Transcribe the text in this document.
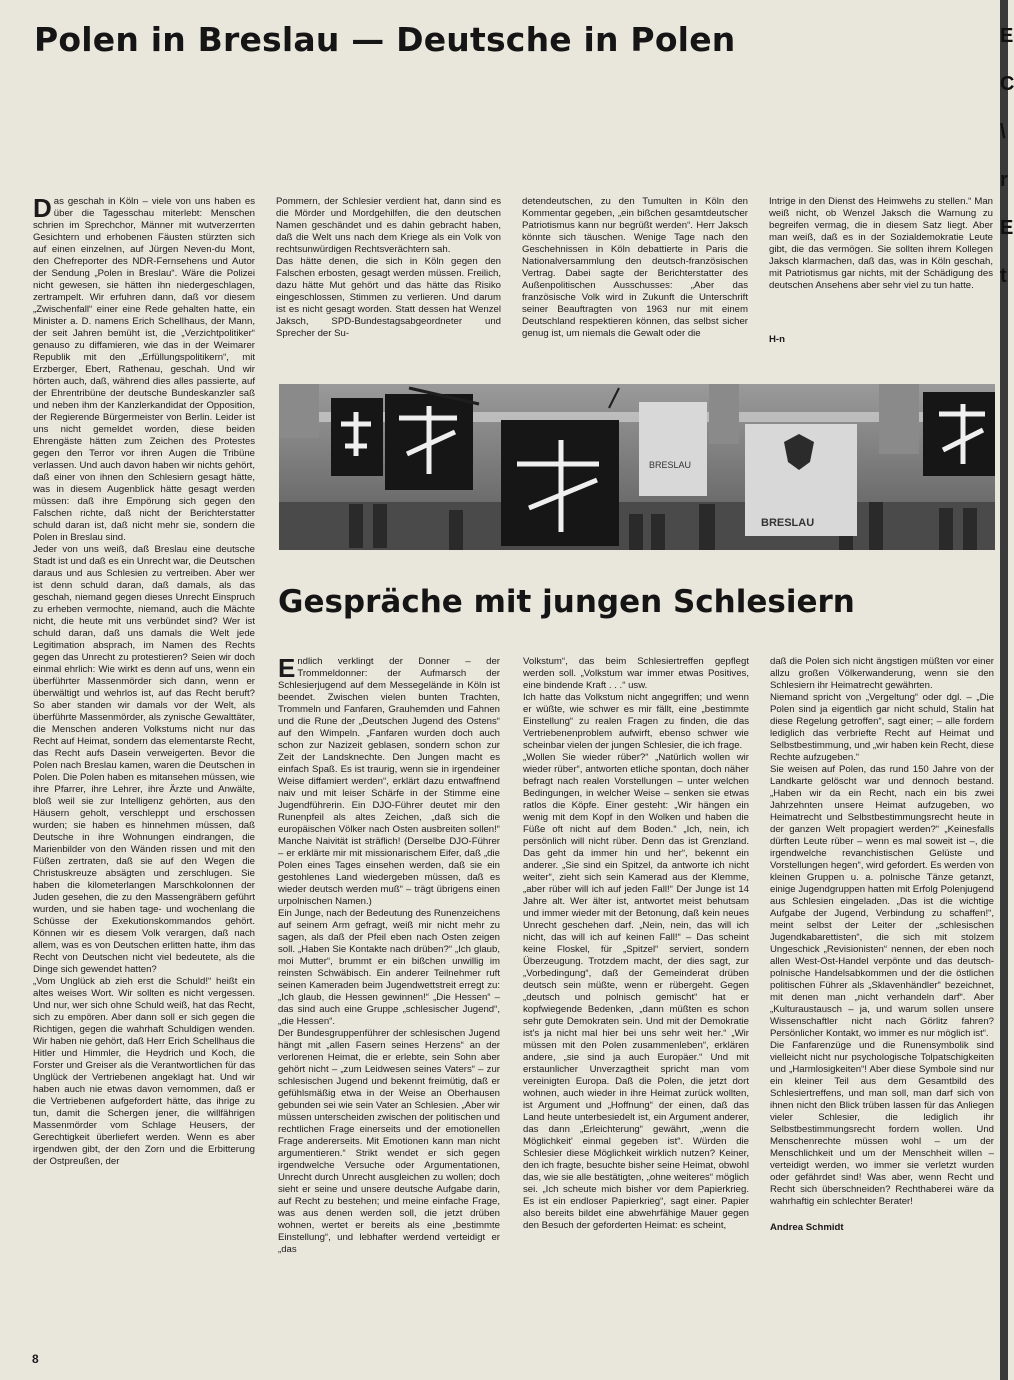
E
C
\
r
E
t
Polen in Breslau — Deutsche in Polen

Das geschah in Köln – viele von uns haben es über die Tagesschau miterlebt: Menschen schrien im Sprechchor, Männer mit wutverzerrten Gesichtern und erhobenen Fäusten stürzten sich auf einen einzelnen, auf Jürgen Neven-du Mont, den Chefreporter des NDR-Fernsehens und Autor der Sendung „Polen in Breslau“. Wäre die Polizei nicht gewesen, sie hätten ihn niedergeschlagen, zertrampelt. Wir erfuhren dann, daß vor diesem „Zwischenfall“ einer eine Rede gehalten hatte, ein Minister a. D. namens Erich Schellhaus, der Mann, der seit Jahren bemüht ist, die „Verzichtpolitiker“ genauso zu diffamieren, wie das in der Weimarer Republik mit den „Erfüllungspolitikern“, mit Erzberger, Ebert, Rathenau, geschah. Und wir hörten auch, daß, während dies alles passierte, auf der Ehrentribüne der deutsche Bundeskanzler saß und neben ihm der Kanzlerkandidat der Opposition, der Regierende Bürgermeister von Berlin. Leider ist uns nicht gemeldet worden, diese beiden Ehrengäste hätten zum Zeichen des Protestes gegen den Terror vor ihren Augen die Tribüne verlassen. Und auch davon haben wir nichts gehört, daß einer von ihnen den Schlesiern gesagt hätte, was in diesem Augenblick hätte gesagt werden müssen: daß ihre Empörung sich gegen den Falschen richte, daß nicht der Berichterstatter schuld daran ist, daß nicht mehr sie, sondern die Polen in Breslau sind.

Jeder von uns weiß, daß Breslau eine deutsche Stadt ist und daß es ein Unrecht war, die Deutschen daraus und aus Schlesien zu vertreiben. Aber wer ist denn schuld daran, daß damals, als das geschah, niemand gegen dieses Unrecht Einspruch zu erheben vermochte, niemand, auch die Mächte nicht, die heute mit uns verbündet sind? Wer ist schuld daran, daß uns damals die Welt jede Legitimation absprach, im Namen des Rechts gegen das Unrecht zu protestieren? Seien wir doch einmal ehrlich: Wie wirkt es denn auf uns, wenn ein überführter Massenmörder sich dann, wenn er überwältigt und wehrlos ist, auf das Recht beruft? So aber standen wir damals vor der Welt, als überführte Massenmörder, als zynische Gewalttäter, die Menschen anderen Volkstums nicht nur das Recht auf Heimat, sondern das elementarste Recht, das Recht aufs Dasein verweigerten. Bevor die Polen nach Breslau kamen, waren die Deutschen in Polen. Die Polen haben es mitansehen müssen, wie ihre Pfarrer, ihre Lehrer, ihre Ärzte und Anwälte, bloß weil sie zur Intelligenz gehörten, aus den Häusern geholt, verschleppt und erschossen wurden; sie haben es hinnehmen müssen, daß Deutsche in ihre Wohnungen eindrangen, die Marienbilder von den Wänden rissen und mit den Füßen zertraten, daß sie auf den Wegen die Christuskreuze absägten und zerschlugen. Sie haben die kilometerlangen Marschkolonnen der Juden gesehen, die zu den Massengräbern geführt wurden, und sie haben tage- und wochenlang die Schüsse der Exekutionskommandos gehört. Können wir es diesem Volk verargen, daß nach allem, was es von Deutschen erlitten hatte, ihm das Recht von Deutschen nicht viel bedeutete, als die Dinge sich gewendet hatten?

„Vom Unglück ab zieh erst die Schuld!“ heißt ein altes weises Wort. Wir sollten es nicht vergessen. Und nur, wer sich ohne Schuld weiß, hat das Recht, sich zu empören. Aber dann soll er sich gegen die Richtigen, gegen die wahrhaft Schuldigen wenden. Wir haben nie gehört, daß Herr Erich Schellhaus die Hitler und Himmler, die Heydrich und Koch, die Forster und Greiser als die Verantwortlichen für das Unglück der Vertriebenen angeklagt hat. Und wir haben auch nie etwas davon vernommen, daß er die Vertriebenen aufgefordert hätte, das ihrige zu tun, damit die Schergen jener, die willfährigen Massenmörder vom Schlage Heusers, der Gerechtigkeit überliefert werden. Wenn es aber irgendwen gibt, der den Zorn und die Erbitterung der Ostpreußen, der

Pommern, der Schlesier verdient hat, dann sind es die Mörder und Mordgehilfen, die den deutschen Namen geschändet und es dahin gebracht haben, daß die Welt uns nach dem Kriege als ein Volk von rechtsunwürdigen Rechtsverächtern sah.

Das hätte denen, die sich in Köln gegen den Falschen erbosten, gesagt werden müssen. Freilich, dazu hätte Mut gehört und das hätte das Risiko eingeschlossen, Stimmen zu verlieren. Und darum ist es nicht gesagt worden. Statt dessen hat Wenzel Jaksch, SPD-Bundestagsabgeordneter und Sprecher der Su-

detendeutschen, zu den Tumulten in Köln den Kommentar gegeben, „ein bißchen gesamtdeutscher Patriotismus kann nur begrüßt werden“. Herr Jaksch könnte sich täuschen. Wenige Tage nach den Geschehnissen in Köln debattierte in Paris die Nationalversammlung den deutsch-französischen Vertrag. Dabei sagte der Berichterstatter des Außenpolitischen Ausschusses: „Aber das französische Volk wird in Zukunft die Unterschrift seiner Beauftragten von 1963 nur mit einem Deutschland respektieren können, das selbst sicher genug ist, um niemals die Gewalt oder die

Intrige in den Dienst des Heimwehs zu stellen.“ Man weiß nicht, ob Wenzel Jaksch die Warnung zu begreifen vermag, die in diesem Satz liegt. Aber man weiß, daß es in der Sozialdemokratie Leute gibt, die das vermögen. Sie sollten ihrem Kollegen Jaksch klarmachen, daß das, was in Köln geschah, mit Patriotismus gar nichts, mit der Schädigung des deutschen Ansehens aber sehr viel zu tun hatte.

H-n

BRESLAU
BRESLAU
Gespräche mit jungen Schlesiern

Endlich verklingt der Donner – der Trommeldonner: der Aufmarsch der Schlesierjugend auf dem Messegelände in Köln ist beendet. Zwischen vielen bunten Trachten, Trommeln und Fanfaren, Grauhemden und Fahnen und die Rune der „Deutschen Jugend des Ostens“ auf den Wimpeln. „Fanfaren wurden doch auch schon zur Nazizeit geblasen, sondern schon zur Zeit der Landsknechte. Den Jungen macht es einfach Spaß. Es ist traurig, wenn sie in irgendeiner Weise diffamiert werden“, erklärt dazu entwaffnend naiv und mit leiser Schärfe in der Stimme eine Jugendführerin. Ein DJO-Führer deutet mir den Runenpfeil als altes Zeichen, „daß sich die europäischen Völker nach Osten ausbreiten sollen!“ Manche Naivität ist sträflich! (Derselbe DJO-Führer – er erklärte mir mit missionarischem Eifer, daß „die Polen eines Tages einsehen werden, daß sie ein gestohlenes Land wiedergeben müssen, daß es wieder deutsch werden muß“ – trägt übrigens einen urpolnischen Namen.)

Ein Junge, nach der Bedeutung des Runenzeichens auf seinem Arm gefragt, weiß mir nicht mehr zu sagen, als daß der Pfeil eben nach Osten zeigen soll. „Haben Sie Kontakte nach drüben?“ „Ich glaub, moi Mutter“, brummt er ein bißchen unwillig im reinsten Schwäbisch. Ein anderer Teilnehmer ruft seinen Kameraden beim Jugendwettstreit erregt zu: „Ich glaub, die Hessen gewinnen!“ „Die Hessen“ – das sind auch eine Gruppe „schlesischer Jugend“, „die Hessen“.

Der Bundesgruppenführer der schlesischen Jugend hängt mit „allen Fasern seines Herzens“ an der verlorenen Heimat, die er erlebte, sein Sohn aber gehört nicht – „zum Leidwesen seines Vaters“ – zur schlesischen Jugend und bekennt freimütig, daß er gefühlsmäßig etwa in der Weise an Oberhausen gebunden sei wie sein Vater an Schlesien. „Aber wir müssen unterscheiden zwischen der politischen und rechtlichen Frage einerseits und der emotionellen Frage andererseits. Mit Emotionen kann man nicht argumentieren.“ Strikt wendet er sich gegen irgendwelche Versuche oder Argumentationen, Unrecht durch Unrecht ausgleichen zu wollen; doch sieht er seine und unsere deutsche Aufgabe darin, auf Recht zu bestehen; und meine einfache Frage, was aus denen werden soll, die jetzt drüben wohnen, wertet er bereits als eine „bestimmte Einstellung“, und lebhafter werdend verteidigt er „das

Volkstum“, das beim Schlesiertreffen gepflegt werden soll. „Volkstum war immer etwas Positives, eine bindende Kraft . . .“ usw.

Ich hatte das Volkstum nicht angegriffen; und wenn er wüßte, wie schwer es mir fällt, eine „bestimmte Einstellung“ zu realen Fragen zu finden, die das Vertriebenenproblem aufwirft, ebenso schwer wie scheinbar vielen der jungen Schlesier, die ich frage.

„Wollen Sie wieder rüber?“ „Natürlich wollen wir wieder rüber“, antworten etliche spontan, doch näher befragt nach realen Vorstellungen – unter welchen Bedingungen, in welcher Weise – senken sie etwas ratlos die Köpfe. Einer gesteht: „Wir hängen ein wenig mit dem Kopf in den Wolken und haben die Füße oft nicht auf dem Boden.“ „Ich, nein, ich persönlich will nicht rüber. Denn das ist Grenzland. Das geht da immer hin und her“, bekennt ein anderer. „Sie sind ein Spitzel, da antworte ich nicht weiter“, zieht sich sein Kamerad aus der Klemme, „aber rüber will ich auf jeden Fall!“ Der Junge ist 14 Jahre alt. Wer älter ist, antwortet meist behutsam und immer wieder mit der Betonung, daß kein neues Unrecht geschehen darf. „Nein, nein, das will ich nicht, das will ich auf keinen Fall!“ – Das scheint keine Floskel, für „Spitzel“ serviert, sondern Überzeugung. Trotzdem macht, der dies sagt, zur „Vorbedingung“, daß der Gemeinderat drüben deutsch sein müßte, wenn er rübergeht. Gegen „deutsch und polnisch gemischt“ hat er kopfwiegende Bedenken, „dann müßten es schon sehr gute Demokraten sein. Und mit der Demokratie ist's ja nicht mal hier bei uns sehr weit her.“ „Wir müssen mit den Polen zusammenleben“, erklären andere, „sie sind ja auch Europäer.“ Und mit erstaunlicher Unverzagtheit spricht man vom vereinigten Europa. Daß die Polen, die jetzt dort wohnen, auch wieder in ihre Heimat zurück wollten, ist Argument und „Hoffnung“ der einen, daß das Land heute unterbesiedelt ist, ein Argument anderer, das dann „Erleichterung“ gewährt, „wenn die Möglichkeit' einmal gegeben ist“. Würden die Schlesier diese Möglichkeit wirklich nutzen? Keiner, den ich fragte, besuchte bisher seine Heimat, obwohl das, wie sie alle bestätigten, „ohne weiteres“ möglich sei. „Ich scheute mich bisher vor dem Papierkrieg. Es ist ein endloser Papierkrieg“, sagt einer. Papier also bereits bildet eine abwehrfähige Mauer gegen den Besuch der geforderten Heimat: es scheint,

daß die Polen sich nicht ängstigen müßten vor einer allzu großen Völkerwanderung, wenn sie den Schlesiern ihr Heimatrecht gewährten.

Niemand spricht von „Vergeltung“ oder dgl. – „Die Polen sind ja eigentlich gar nicht schuld, Stalin hat diese Regelung getroffen“, sagt einer; – alle fordern lediglich das verbriefte Recht auf Heimat und Selbstbestimmung, und „wir haben kein Recht, diese Rechte aufzugeben.“

Sie weisen auf Polen, das rund 150 Jahre von der Landkarte gelöscht war und dennoch bestand. „Haben wir da ein Recht, nach ein bis zwei Jahrzehnten unsere Heimat aufzugeben, wo Heimatrecht und Selbstbestimmungsrecht heute in der ganzen Welt propagiert werden?“ „Keinesfalls dürften Leute rüber – wenn es mal soweit ist –, die irgendwelche revanchistischen Gelüste und Vorstellungen hegen“, wird gefordert. Es werden von kleinen Gruppen u. a. polnische Tänze getanzt, einige Jugendgruppen hatten mit Erfolg Polenjugend aus Schlesien eingeladen. „Das ist die wichtige Aufgabe der Jugend, Verbindung zu schaffen!“, meint selbst der Leiter der „schlesischen Jugendkabarettisten“, die sich mit stolzem Ungeschick „Revisionisten“ nennen, der eben noch allen West-Ost-Handel verpönte und das deutsch-polnische Handelsabkommen und der die östlichen politischen Führer als „Sklavenhändler“ bezeichnet, mit denen man „nicht verhandeln darf“. Aber „Kulturaustausch – ja, und warum sollen unsere Wissenschaftler nicht nach Görlitz fahren? Persönlicher Kontakt, wo immer es nur möglich ist“.

Die Fanfarenzüge und die Runensymbolik sind vielleicht nicht nur psychologische Tolpatschigkeiten und „Harmlosigkeiten“! Aber diese Symbole sind nur ein kleiner Teil aus dem Gesamtbild des Schlesiertreffens, und man soll, man darf sich von ihnen nicht den Blick trüben lassen für das Anliegen vieler Schlesier, die lediglich ihr Selbstbestimmungsrecht fordern wollen. Und Menschenrechte müssen wohl – um der Menschlichkeit und um der Menschheit willen – verteidigt werden, wo immer sie verletzt wurden oder gefährdet sind! Was aber, wenn Recht und Recht sich überschneiden? Rechthaberei wäre da wahrhaftig ein schlechter Berater!

Andrea Schmidt

8
